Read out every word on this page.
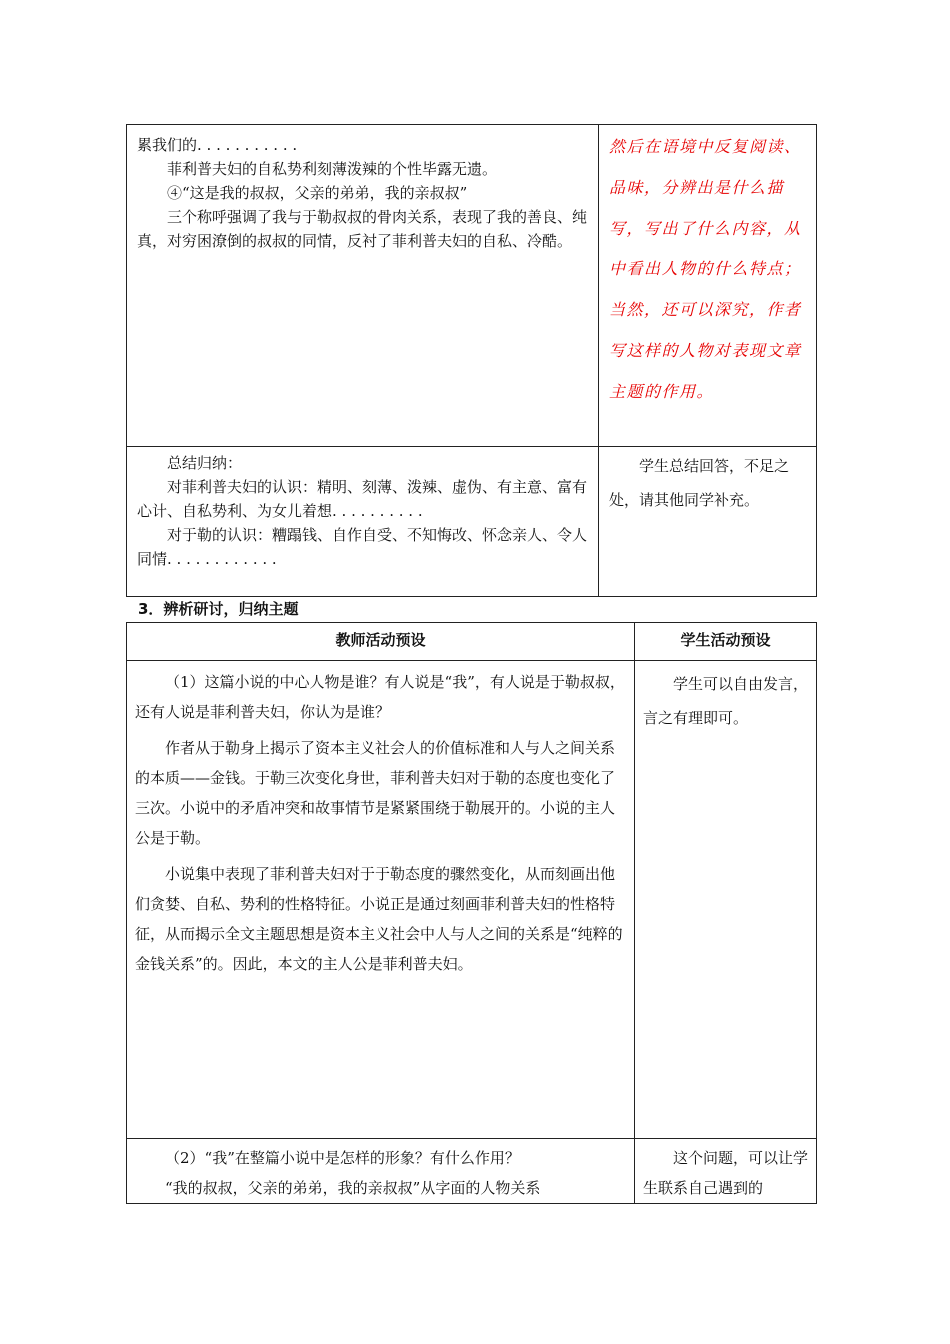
累我们的. . . . . . . . . . .

菲利普夫妇的自私势利刻薄泼辣的个性毕露无遗。

④“这是我的叔叔，父亲的弟弟，我的亲叔叔”

三个称呼强调了我与于勒叔叔的骨肉关系，表现了我的善良、纯真，对穷困潦倒的叔叔的同情，反衬了菲利普夫妇的自私、冷酷。	然后在语境中反复阅读、品味，分辨出是什么描写，写出了什么内容，从中看出人物的什么特点；当然，还可以深究，作者写这样的人物对表现文章主题的作用。

总结归纳：

对菲利普夫妇的认识：精明、刻薄、泼辣、虚伪、有主意、富有心计、自私势利、为女儿着想. . . . . . . . . .

对于勒的认识：糟蹋钱、自作自受、不知悔改、怀念亲人、令人同情. . . . . . . . . . . .	学生总结回答，不足之处，请其他同学补充。

3．辨析研讨，归纳主题

教师活动预设	学生活动预设

（1）这篇小说的中心人物是谁？有人说是“我”，有人说是于勒叔叔，还有人说是菲利普夫妇，你认为是谁？

作者从于勒身上揭示了资本主义社会人的价值标准和人与人之间关系的本质——金钱。于勒三次变化身世，菲利普夫妇对于勒的态度也变化了三次。小说中的矛盾冲突和故事情节是紧紧围绕于勒展开的。小说的主人公是于勒。

小说集中表现了菲利普夫妇对于于勒态度的骤然变化，从而刻画出他们贪婪、自私、势利的性格特征。小说正是通过刻画菲利普夫妇的性格特征，从而揭示全文主题思想是资本主义社会中人与人之间的关系是“纯粹的金钱关系”的。因此，本文的主人公是菲利普夫妇。	学生可以自由发言，言之有理即可。

（2）“我”在整篇小说中是怎样的形象？有什么作用？

“我的叔叔，父亲的弟弟，我的亲叔叔”从字面的人物关系	这个问题，可以让学生联系自己遇到的
